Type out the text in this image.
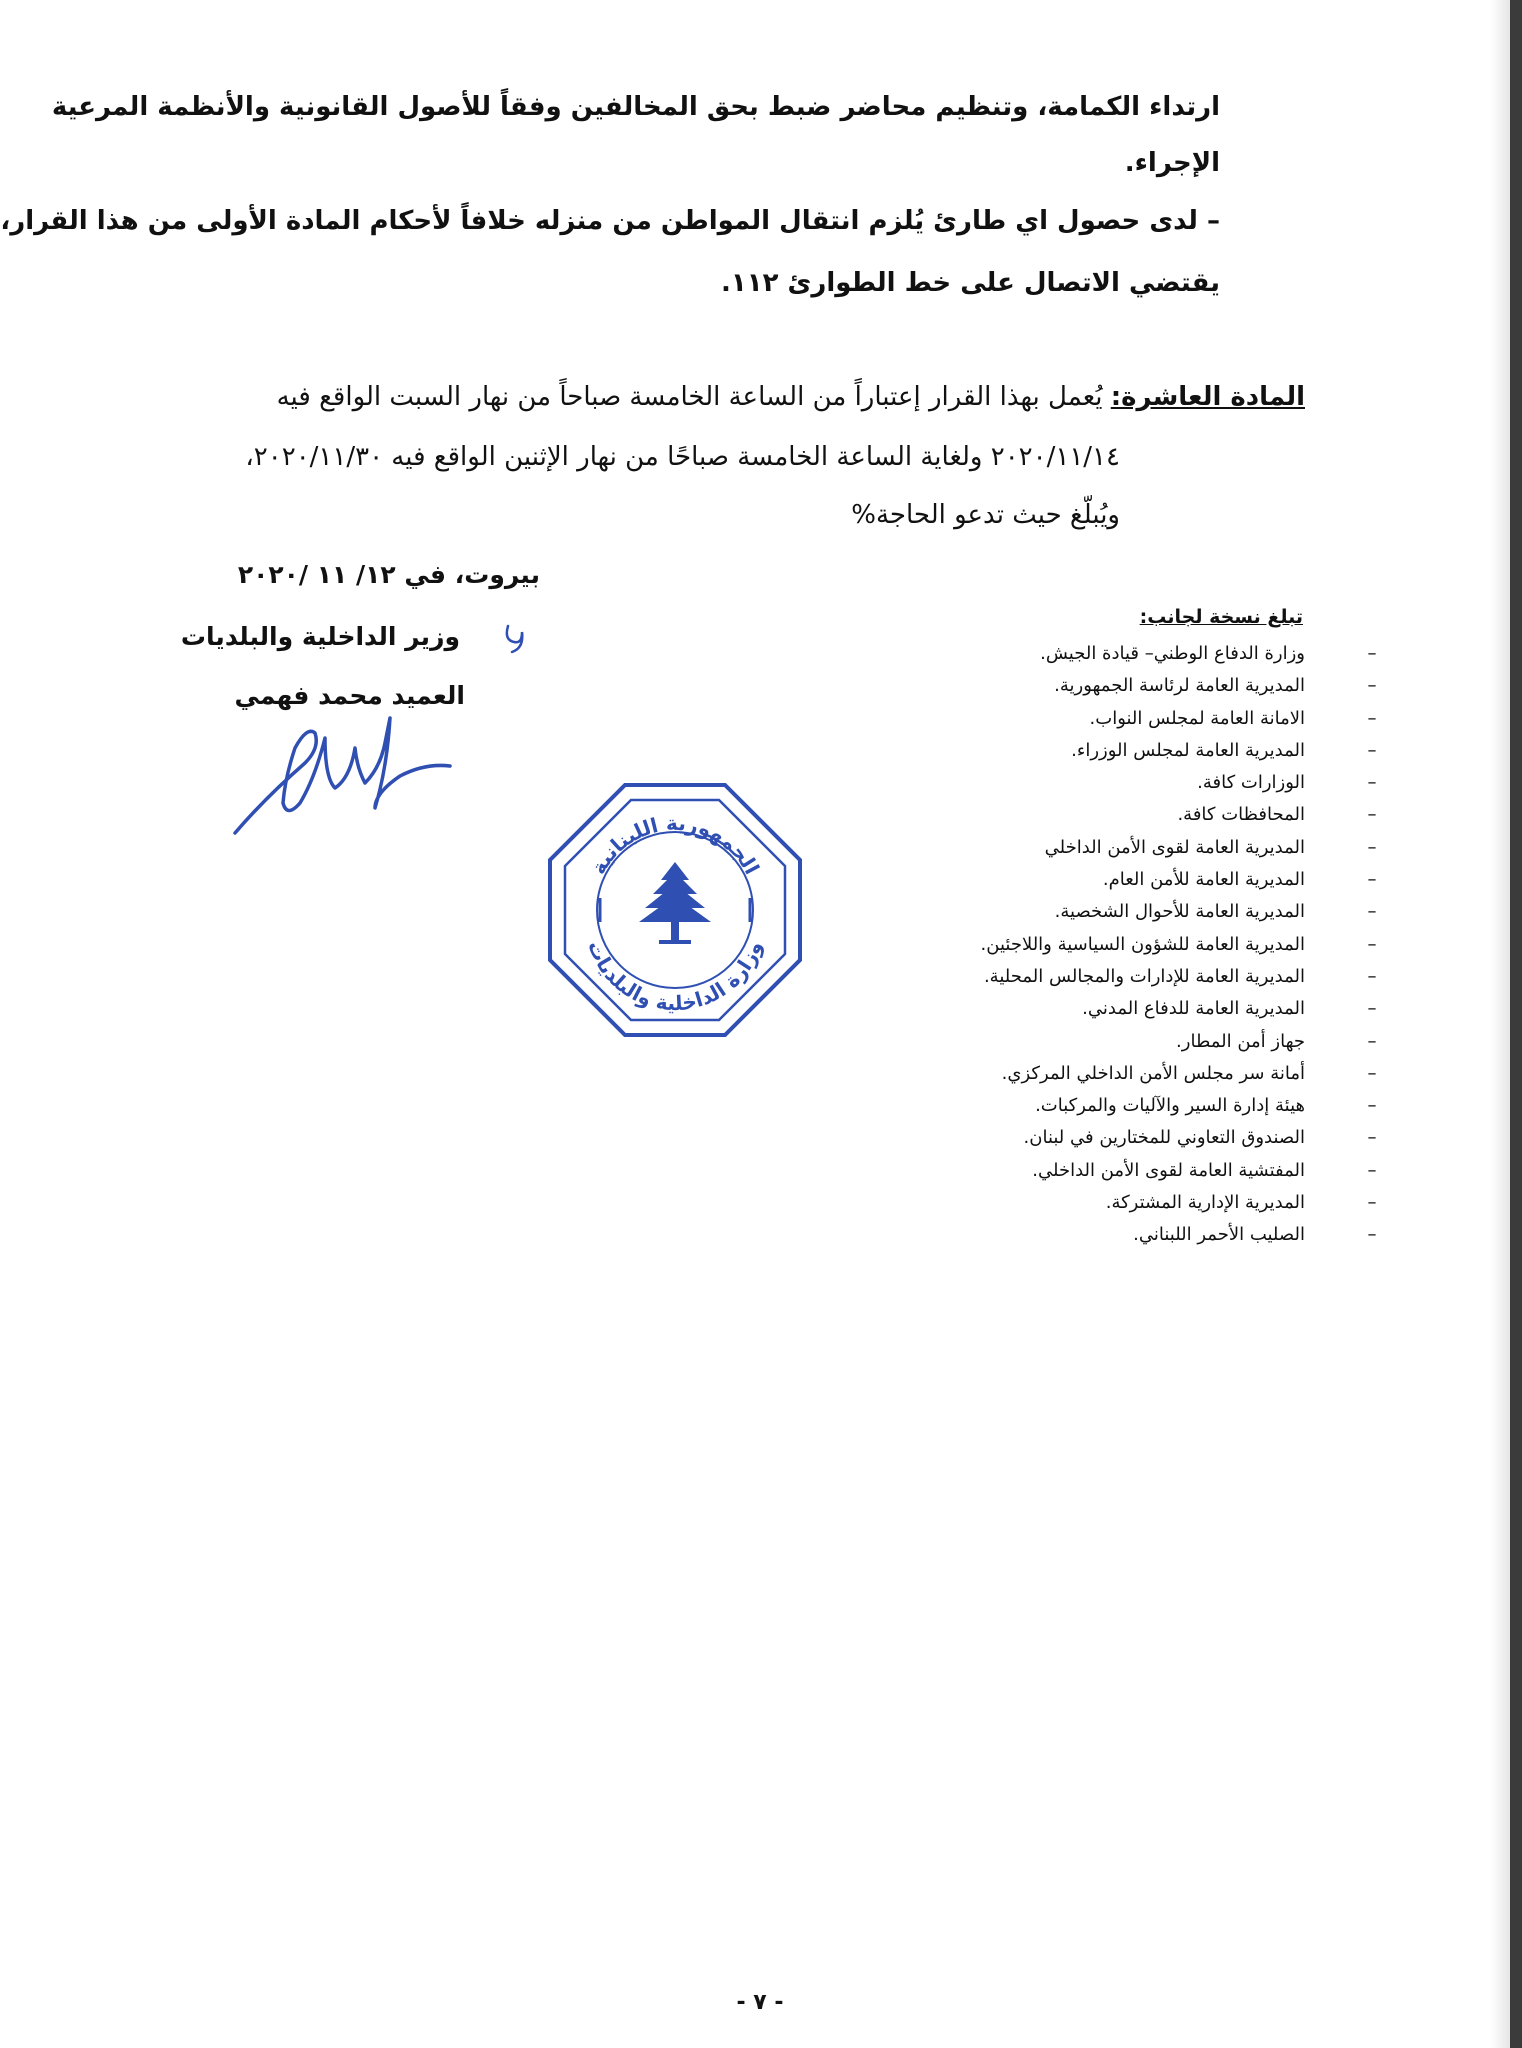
ارتداء الكمامة، وتنظيم محاضر ضبط بحق المخالفين وفقاً للأصول القانونية والأنظمة المرعية
الإجراء.
– لدى حصول اي طارئ يُلزم انتقال المواطن من منزله خلافاً لأحكام المادة الأولى من هذا القرار،
يقتضي الاتصال على خط الطوارئ ١١٢.
المادة العاشرة: يُعمل بهذا القرار إعتباراً من الساعة الخامسة صباحاً من نهار السبت الواقع فيه
٢٠٢٠/١١/١٤ ولغاية الساعة الخامسة صباحًا من نهار الإثنين الواقع فيه ٢٠٢٠/١١/٣٠،
ويُبلّغ حيث تدعو الحاجة%
بيروت، في ١٢/ ١١ /٢٠٢٠
وزير الداخلية والبلديات
العميد محمد فهمي
الجمهورية اللبنانية
وزارة الداخلية والبلديات
تبلغ نسخة لجانب:
–
وزارة الدفاع الوطني– قيادة الجيش.
–
المديرية العامة لرئاسة الجمهورية.
–
الامانة العامة لمجلس النواب.
–
المديرية العامة لمجلس الوزراء.
–
الوزارات كافة.
–
المحافظات كافة.
–
المديرية العامة لقوى الأمن الداخلي
–
المديرية العامة للأمن العام.
–
المديرية العامة للأحوال الشخصية.
–
المديرية العامة للشؤون السياسية واللاجئين.
–
المديرية العامة للإدارات والمجالس المحلية.
–
المديرية العامة للدفاع المدني.
–
جهاز أمن المطار.
–
أمانة سر مجلس الأمن الداخلي المركزي.
–
هيئة إدارة السير والآليات والمركبات.
–
الصندوق التعاوني للمختارين في لبنان.
–
المفتشية العامة لقوى الأمن الداخلي.
–
المديرية الإدارية المشتركة.
–
الصليب الأحمر اللبناني.
- ٧ -
